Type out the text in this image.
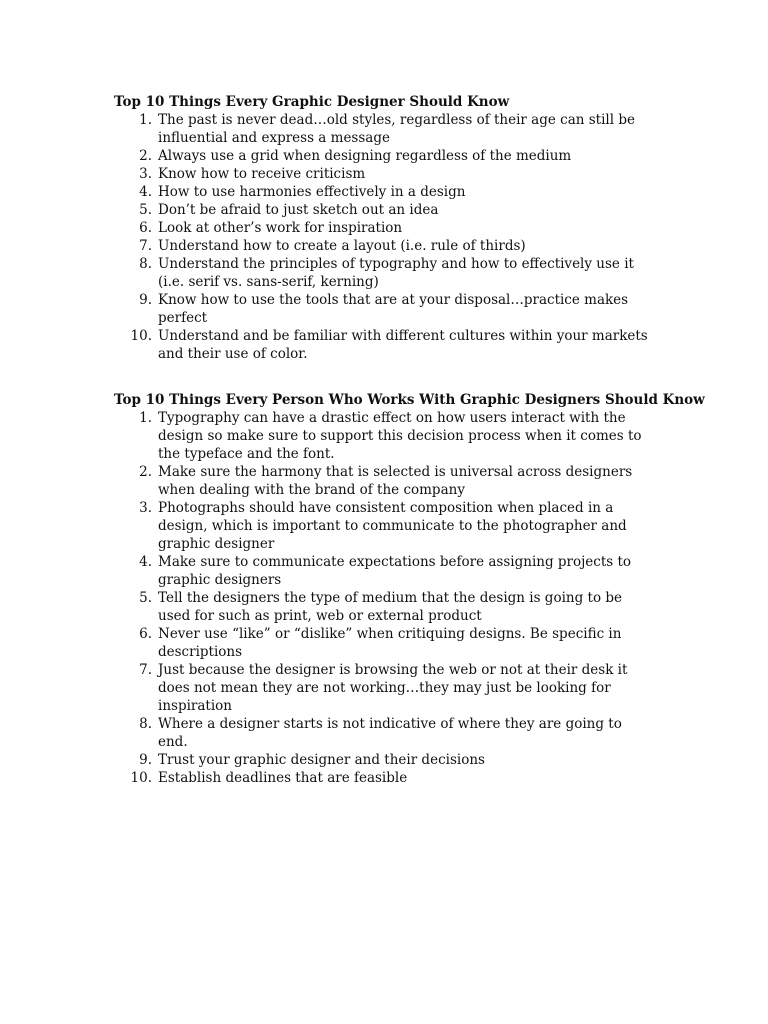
Top 10 Things Every Graphic Designer Should Know
1. The past is never dead…old styles, regardless of their age can still be influential and express a message
2. Always use a grid when designing regardless of the medium
3. Know how to receive criticism
4. How to use harmonies effectively in a design
5. Don’t be afraid to just sketch out an idea
6. Look at other’s work for inspiration
7. Understand how to create a layout (i.e. rule of thirds)
8. Understand the principles of typography and how to effectively use it (i.e. serif vs. sans-serif, kerning)
9. Know how to use the tools that are at your disposal…practice makes perfect
10. Understand and be familiar with different cultures within your markets and their use of color.
Top 10 Things Every Person Who Works With Graphic Designers Should Know
1. Typography can have a drastic effect on how users interact with the design so make sure to support this decision process when it comes to the typeface and the font.
2. Make sure the harmony that is selected is universal across designers when dealing with the brand of the company
3. Photographs should have consistent composition when placed in a design, which is important to communicate to the photographer and graphic designer
4. Make sure to communicate expectations before assigning projects to graphic designers
5. Tell the designers the type of medium that the design is going to be used for such as print, web or external product
6. Never use “like” or “dislike” when critiquing designs. Be specific in descriptions
7. Just because the designer is browsing the web or not at their desk it does not mean they are not working…they may just be looking for inspiration
8. Where a designer starts is not indicative of where they are going to end.
9. Trust your graphic designer and their decisions
10. Establish deadlines that are feasible
